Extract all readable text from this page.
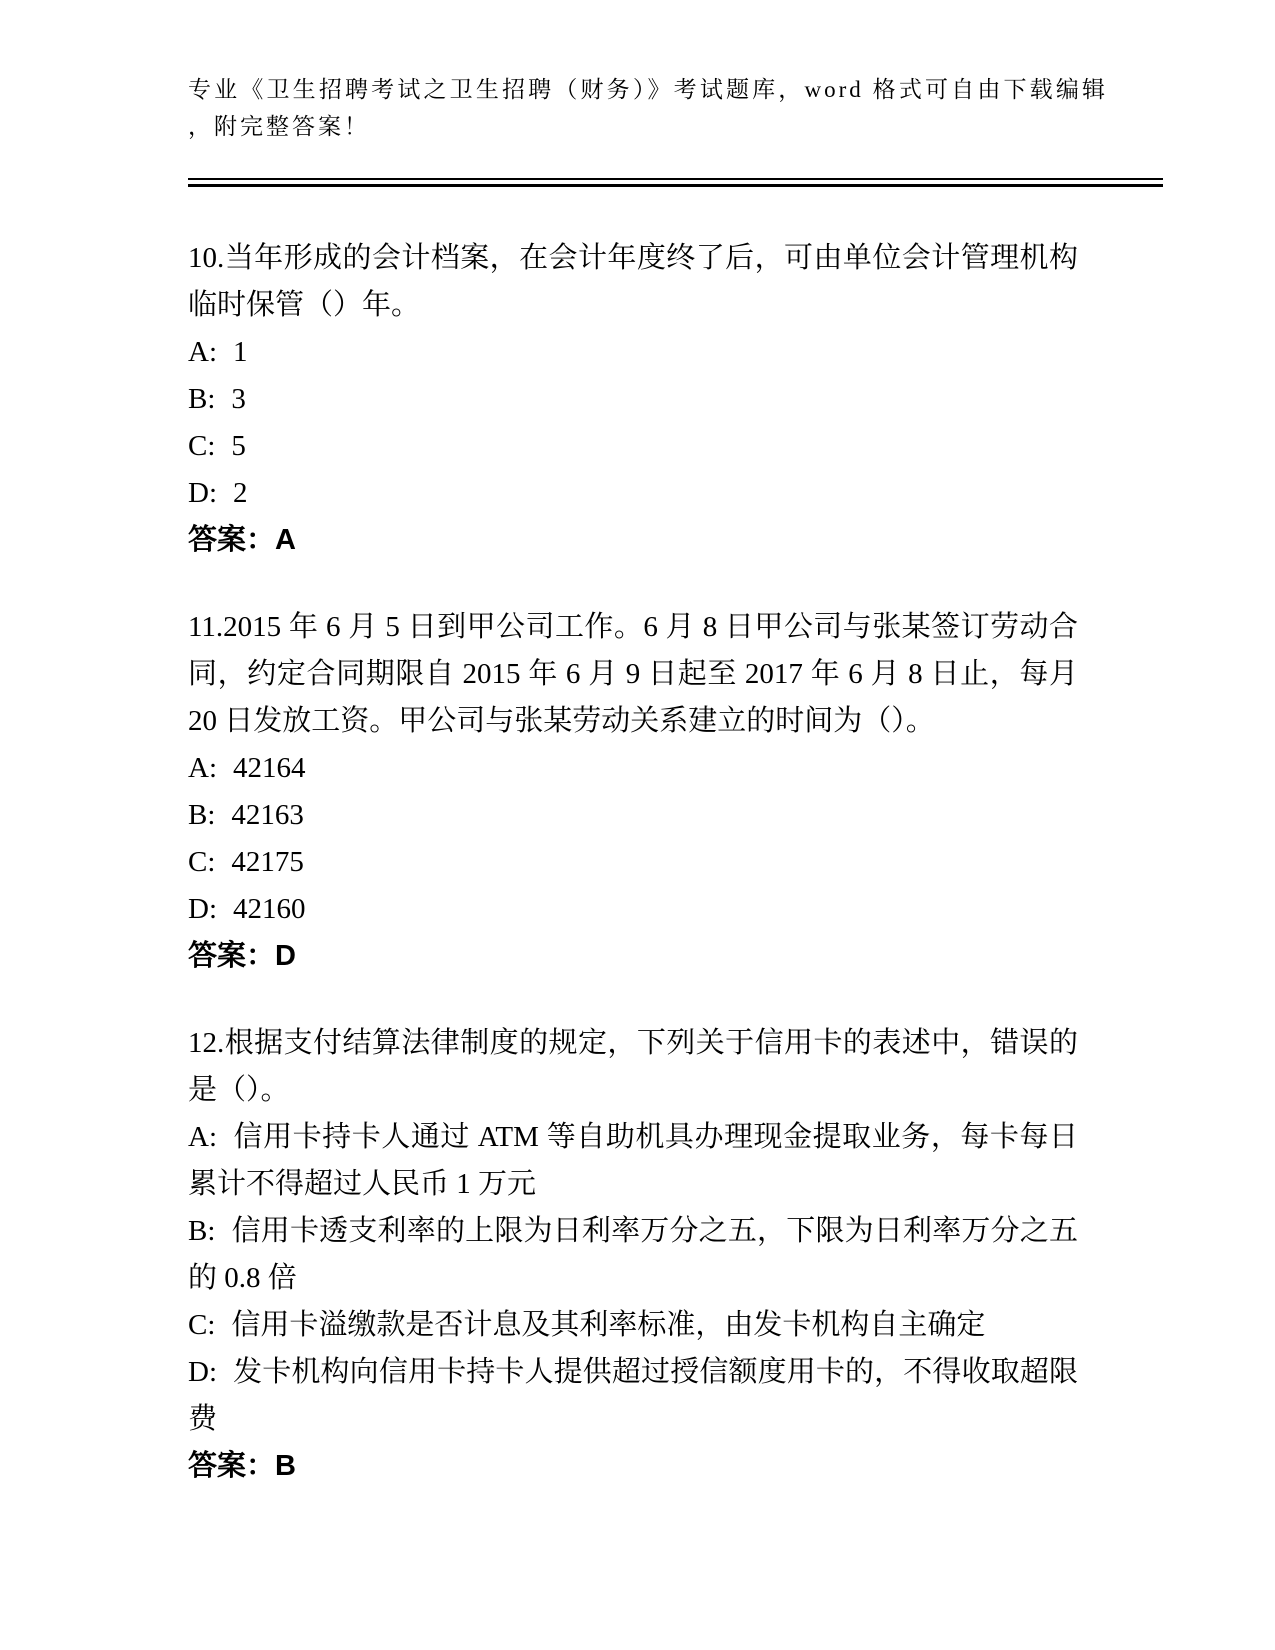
专业《卫生招聘考试之卫生招聘（财务）》考试题库，word 格式可自由下载编辑，附完整答案！

10.当年形成的会计档案，在会计年度终了后，可由单位会计管理机构临时保管（）年。

A: 1

B: 3

C: 5

D: 2

答案：A

11.2015 年 6 月 5 日到甲公司工作。6 月 8 日甲公司与张某签订劳动合同，约定合同期限自 2015 年 6 月 9 日起至 2017 年 6 月 8 日止，每月 20 日发放工资。甲公司与张某劳动关系建立的时间为（）。

A: 42164

B: 42163

C: 42175

D: 42160

答案：D

12.根据支付结算法律制度的规定，下列关于信用卡的表述中，错误的是（）。

A: 信用卡持卡人通过 ATM 等自助机具办理现金提取业务，每卡每日累计不得超过人民币 1 万元

B: 信用卡透支利率的上限为日利率万分之五，下限为日利率万分之五的 0.8 倍

C: 信用卡溢缴款是否计息及其利率标准，由发卡机构自主确定

D: 发卡机构向信用卡持卡人提供超过授信额度用卡的，不得收取超限费

答案：B
